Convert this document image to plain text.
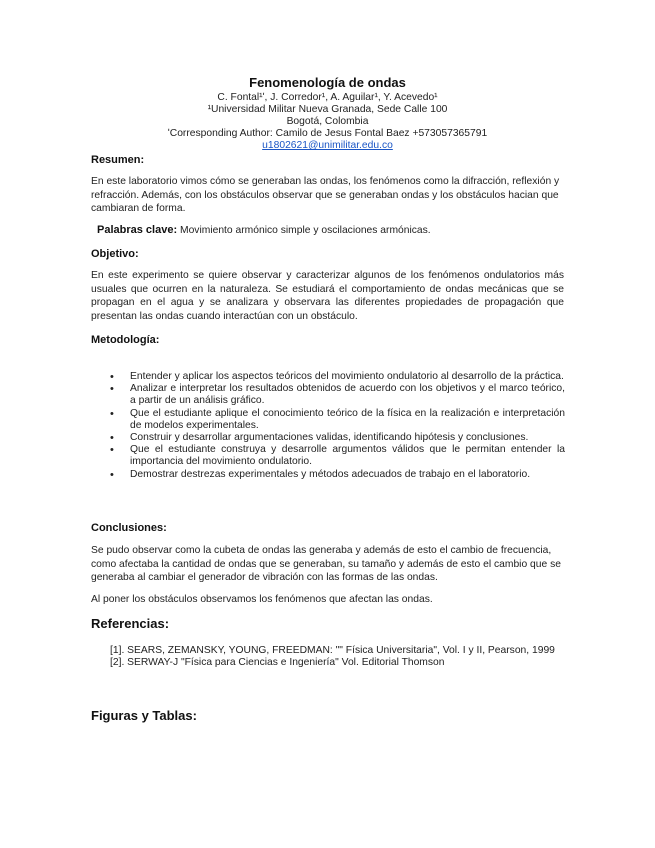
Fenomenología de ondas
C. Fontal¹ʹ, J. Corredor¹, A. Aguilar¹, Y. Acevedo¹
¹Universidad Militar Nueva Granada, Sede Calle 100
Bogotá, Colombia
ʹCorresponding Author: Camilo de Jesus Fontal Baez +573057365791
u1802621@unimilitar.edu.co
Resumen:
En este laboratorio vimos cómo se generaban las ondas, los fenómenos como la difracción, reflexión y refracción. Además, con los obstáculos observar que se generaban ondas y los obstáculos hacian que cambiaran de forma.
Palabras clave: Movimiento armónico simple y oscilaciones armónicas.
Objetivo:
En este experimento se quiere observar y caracterizar algunos de los fenómenos ondulatorios más usuales que ocurren en la naturaleza. Se estudiará el comportamiento de ondas mecánicas que se propagan en el agua y se analizara y observara las diferentes propiedades de propagación que presentan las ondas cuando interactúan con un obstáculo.
Metodología:
• Entender y aplicar los aspectos teóricos del movimiento ondulatorio al desarrollo de la práctica.
• Analizar e interpretar los resultados obtenidos de acuerdo con los objetivos y el marco teórico, a partir de un análisis gráfico.
• Que el estudiante aplique el conocimiento teórico de la física en la realización e interpretación de modelos experimentales.
• Construir y desarrollar argumentaciones validas, identificando hipótesis y conclusiones.
• Que el estudiante construya y desarrolle argumentos válidos que le permitan entender la importancia del movimiento ondulatorio.
• Demostrar destrezas experimentales y métodos adecuados de trabajo en el laboratorio.
Conclusiones:
Se pudo observar como la cubeta de ondas las generaba y además de esto el cambio de frecuencia, como afectaba la cantidad de ondas que se generaban, su tamaño y además de esto el cambio que se generaba al cambiar el generador de vibración con las formas de las ondas.
Al poner los obstáculos observamos los fenómenos que afectan las ondas.
Referencias:
[1]. SEARS, ZEMANSKY, YOUNG, FREEDMAN: "" Física Universitaria", Vol. I y II, Pearson, 1999
[2]. SERWAY-J "Física para Ciencias e Ingeniería" Vol. Editorial Thomson
Figuras y Tablas:
